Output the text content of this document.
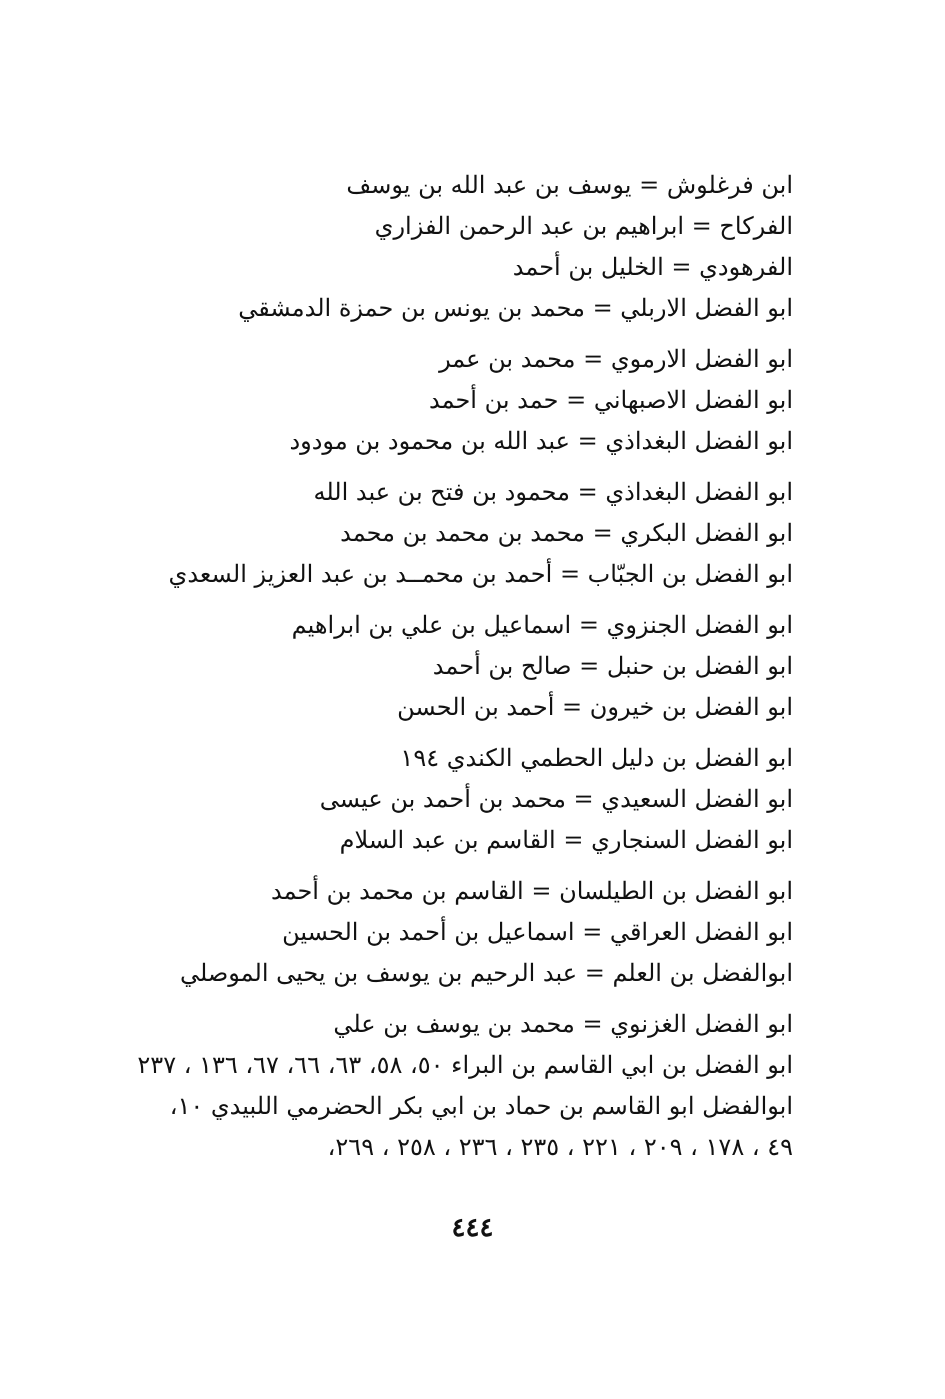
ابن فرغلوش = يوسف بن عبد الله بن يوسف
الفركاح = ابراهيم بن عبد الرحمن الفزاري
الفرهودي = الخليل بن أحمد
ابو الفضل الاربلي = محمد بن يونس بن حمزة الدمشقي
ابو الفضل الارموي = محمد بن عمر
ابو الفضل الاصبهاني = حمد بن أحمد
ابو الفضل البغداذي = عبد الله بن محمود بن مودود
ابو الفضل البغداذي = محمود بن فتح بن عبد الله
ابو الفضل البكري = محمد بن محمد بن محمد
ابو الفضل بن الجبّاب = أحمد بن محمــد بن عبد العزيز السعدي
ابو الفضل الجنزوي = اسماعيل بن علي بن ابراهيم
ابو الفضل بن حنبل = صالح بن أحمد
ابو الفضل بن خيرون = أحمد بن الحسن
ابو الفضل بن دليل الحطمي الكندي ١٩٤
ابو الفضل السعيدي = محمد بن أحمد بن عيسى
ابو الفضل السنجاري = القاسم بن عبد السلام
ابو الفضل بن الطيلسان = القاسم بن محمد بن أحمد
ابو الفضل العراقي = اسماعيل بن أحمد بن الحسين
ابوالفضل بن العلم = عبد الرحيم بن يوسف بن يحيى الموصلي
ابو الفضل الغزنوي = محمد بن يوسف بن علي
ابو الفضل بن ابي القاسم بن البراء ٥٠، ٥٨، ٦٣، ٦٦، ٦٧، ١٣٦ ، ٢٣٧
ابوالفضل ابو القاسم بن حماد بن ابي بكر الحضرمي اللبيدي ١٠،
٤٩ ، ١٧٨ ، ٢٠٩ ، ٢٢١ ، ٢٣٥ ، ٢٣٦ ، ٢٥٨ ، ٢٦٩،
٤٤٤
